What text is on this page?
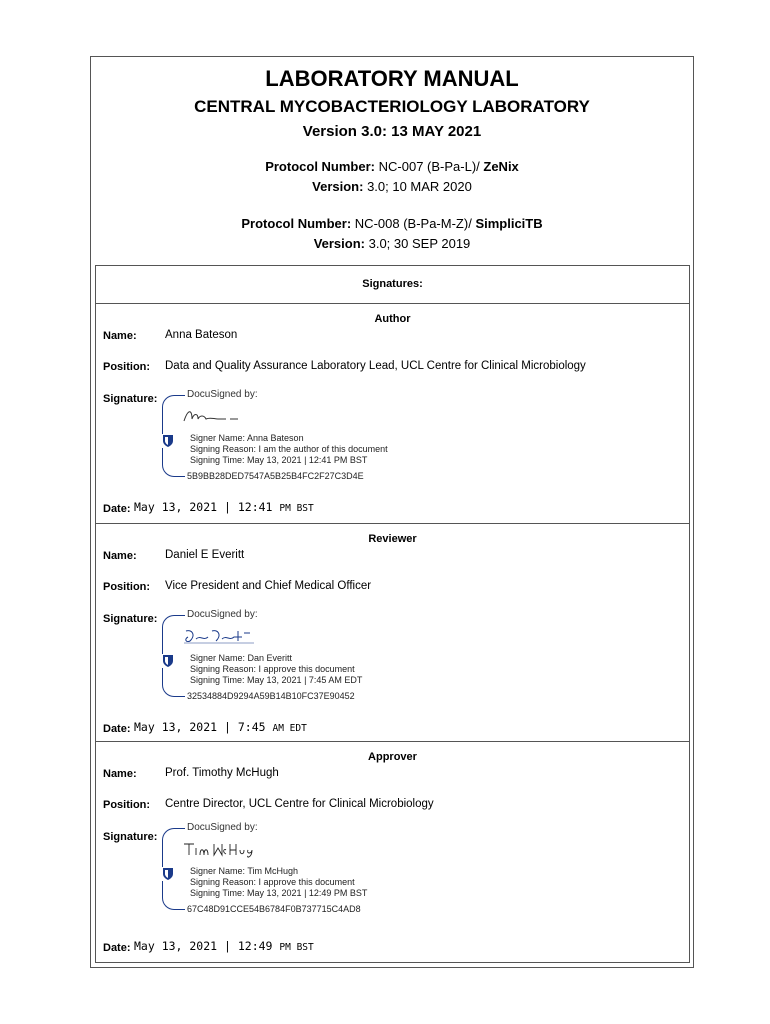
LABORATORY MANUAL
CENTRAL MYCOBACTERIOLOGY LABORATORY
Version 3.0: 13 MAY 2021
Protocol Number: NC-007 (B-Pa-L)/ ZeNix
Version: 3.0; 10 MAR 2020
Protocol Number: NC-008 (B-Pa-M-Z)/ SimpliciTB
Version: 3.0; 30 SEP 2019
Signatures:
Author
Name: Anna Bateson
Position: Data and Quality Assurance Laboratory Lead, UCL Centre for Clinical Microbiology
Signature:	DocuSigned by:
Signer Name: Anna Bateson
Signing Reason: I am the author of this document
Signing Time: May 13, 2021 | 12:41 PM BST
5B9BB28DED7547A5B25B4FC2F27C3D4E
Date: May 13, 2021 | 12:41 PM BST
Reviewer
Name: Daniel E Everitt
Position: Vice President and Chief Medical Officer
Signature:	DocuSigned by:
Signer Name: Dan Everitt
Signing Reason: I approve this document
Signing Time: May 13, 2021 | 7:45 AM EDT
32534884D9294A59B14B10FC37E90452
Date: May 13, 2021 | 7:45 AM EDT
Approver
Name: Prof. Timothy McHugh
Position: Centre Director, UCL Centre for Clinical Microbiology
Signature:
DocuSigned by:
Signer Name: Tim McHugh
Signing Reason: I approve this document
Signing Time: May 13, 2021 | 12:49 PM BST
67C48D91CCE54B6784F0B737715C4AD8
Date: May 13, 2021 | 12:49 PM BST
